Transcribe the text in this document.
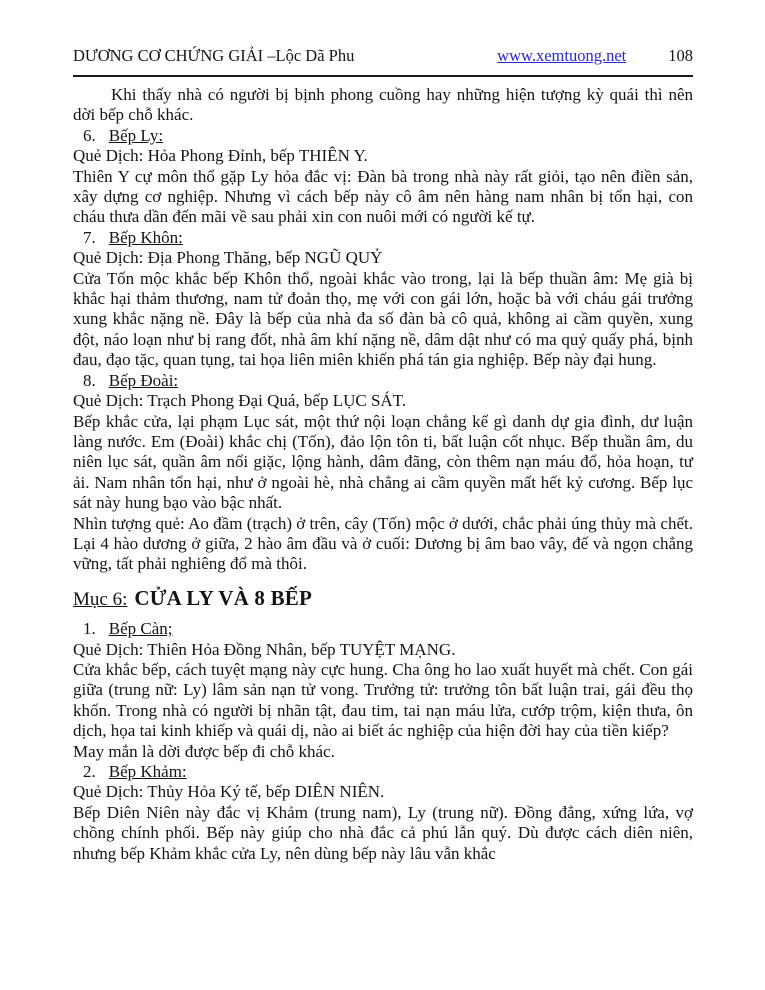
DƯƠNG CƠ CHỨNG GIẢI –Lộc Dã Phu	www.xemtuong.net	108

Khi thấy nhà có người bị bịnh phong cuồng hay những hiện tượng kỳ quái thì nên dời bếp chỗ khác.

6. Bếp Ly:

Quẻ Dịch: Hỏa Phong Đỉnh, bếp THIÊN Y.

Thiên Y cự môn thổ gặp Ly hỏa đắc vị: Đàn bà trong nhà này rất giỏi, tạo nên điền sản, xây dựng cơ nghiệp. Nhưng vì cách bếp này cô âm nên hàng nam nhân bị tổn hại, con cháu thưa dần đến mãi về sau phải xin con nuôi mới có người kế tự.

7. Bếp Khôn:

Quẻ Dịch: Địa Phong Thăng, bếp NGŨ QUỶ

Cửa Tốn mộc khắc bếp Khôn thổ, ngoài khắc vào trong, lại là bếp thuần âm: Mẹ già bị khắc hại thảm thương, nam tử đoản thọ, mẹ với con gái lớn, hoặc bà với cháu gái trưởng xung khắc nặng nề. Đây là bếp của nhà đa số đàn bà cô quả, không ai cầm quyền, xung đột, náo loạn như bị rang đốt, nhà âm khí nặng nề, dâm dật như có ma quỷ quấy phá, bịnh đau, đạo tặc, quan tụng, tai họa liên miên khiến phá tán gia nghiệp. Bếp này đại hung.

8. Bếp Đoài:

Quẻ Dịch: Trạch Phong Đại Quá, bếp LỤC SÁT.

Bếp khắc cửa, lại phạm Lục sát, một thứ nội loạn chẳng kể gì danh dự gia đình, dư luận làng nước. Em (Đoài) khắc chị (Tốn), đảo lộn tôn ti, bất luận cốt nhục. Bếp thuần âm, du niên lục sát, quần âm nổi giặc, lộng hành, dâm đãng, còn thêm nạn máu đổ, hỏa hoạn, tư ải. Nam nhân tổn hại, như ở ngoài hè, nhà chẳng ai cầm quyền mất hết kỷ cương. Bếp lục sát này hung bạo vào bậc nhất.

Nhìn tượng quẻ: Ao đầm (trạch) ở trên, cây (Tốn) mộc ở dưới, chắc phải úng thủy mà chết. Lại 4 hào dương ở giữa, 2 hào âm đầu và ở cuối: Dương bị âm bao vây, đế và ngọn chẳng vững, tất phải nghiêng đổ mà thôi.

Mục 6: CỬA LY VÀ 8 BẾP

1. Bếp Càn;

Quẻ Dịch: Thiên Hỏa Đồng Nhân, bếp TUYỆT MẠNG.

Cửa khắc bếp, cách tuyệt mạng này cực hung. Cha ông ho lao xuất huyết mà chết. Con gái giữa (trung nữ: Ly) lâm sản nạn tử vong. Trưởng tử: trưởng tôn bất luận trai, gái đều thọ khốn. Trong nhà có người bị nhãn tật, đau tim, tai nạn máu lửa, cướp trộm, kiện thưa, ôn dịch, họa tai kinh khiếp và quái dị, nào ai biết ác nghiệp của hiện đời hay của tiền kiếp?

May mắn là dời được bếp đi chỗ khác.

2. Bếp Khảm:

Quẻ Dịch: Thủy Hỏa Ký tế, bếp DIÊN NIÊN.

Bếp Diên Niên này đắc vị Khảm (trung nam), Ly (trung nữ). Đồng đẳng, xứng lứa, vợ chồng chính phối. Bếp này giúp cho nhà đắc cả phú lẫn quý. Dù được cách diên niên, nhưng bếp Khảm khắc cửa Ly, nên dùng bếp này lâu vẫn khắc
